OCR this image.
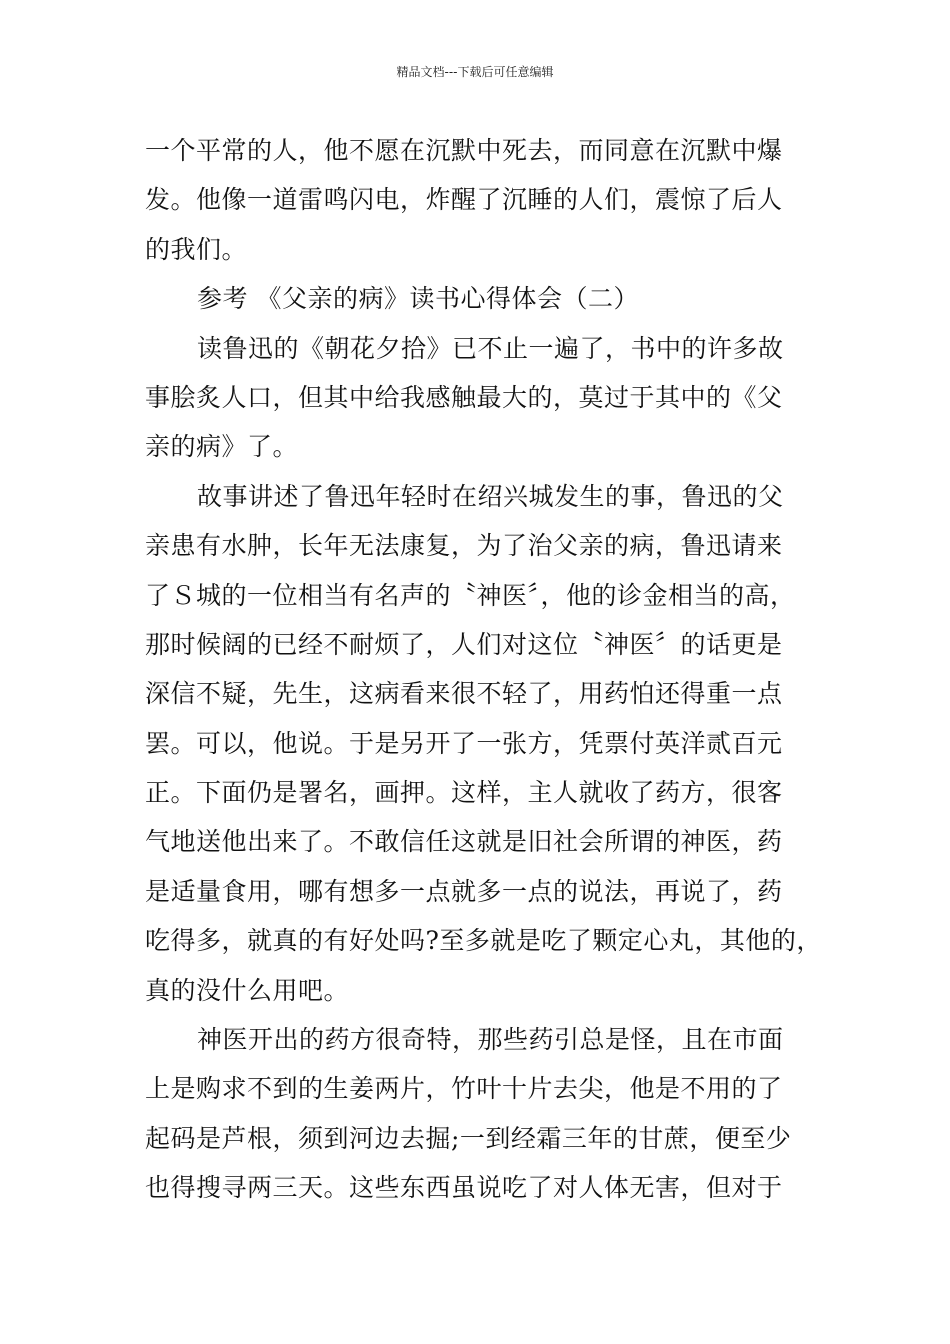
精品文档---下载后可任意编辑
一个平常的人，他不愿在沉默中死去，而同意在沉默中爆
发。他像一道雷鸣闪电，炸醒了沉睡的人们，震惊了后人
的我们。
参考 《父亲的病》读书心得体会（二）
读鲁迅的《朝花夕拾》已不止一遍了，书中的许多故
事脍炙人口，但其中给我感触最大的，莫过于其中的《父
亲的病》了。
故事讲述了鲁迅年轻时在绍兴城发生的事，鲁迅的父
亲患有水肿，长年无法康复，为了治父亲的病，鲁迅请来
了Ｓ城的一位相当有名声的〝神医〞，他的诊金相当的高，
那时候阔的已经不耐烦了，人们对这位〝神医〞的话更是
深信不疑，先生，这病看来很不轻了，用药怕还得重一点
罢。可以，他说。于是另开了一张方，凭票付英洋贰百元
正。下面仍是署名，画押。这样，主人就收了药方，很客
气地送他出来了。不敢信任这就是旧社会所谓的神医，药
是适量食用，哪有想多一点就多一点的说法，再说了，药
吃得多，就真的有好处吗?至多就是吃了颗定心丸，其他的，
真的没什么用吧。
神医开出的药方很奇特，那些药引总是怪，且在市面
上是购求不到的生姜两片，竹叶十片去尖，他是不用的了
起码是芦根，须到河边去掘;一到经霜三年的甘蔗，便至少
也得搜寻两三天。这些东西虽说吃了对人体无害，但对于
